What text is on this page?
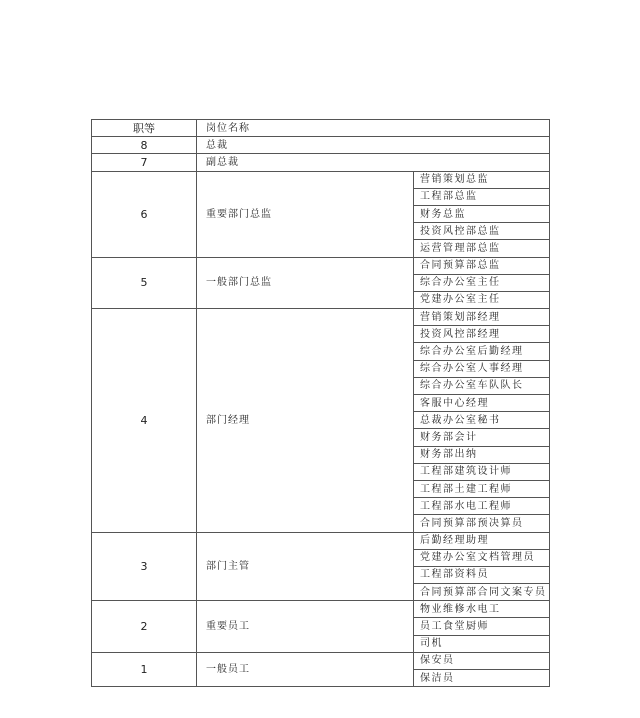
职等	岗位名称	
8	总裁	
7	副总裁	
6	重要部门总监	营销策划总监
		工程部总监
		财务总监
		投资风控部总监
		运营管理部总监
5	一般部门总监	合同预算部总监
		综合办公室主任
		党建办公室主任
4	部门经理	营销策划部经理
		投资风控部经理
		综合办公室后勤经理
		综合办公室人事经理
		综合办公室车队队长
		客服中心经理
		总裁办公室秘书
		财务部会计
		财务部出纳
		工程部建筑设计师
		工程部土建工程师
		工程部水电工程师
		合同预算部预决算员
3	部门主管	后勤经理助理
		党建办公室文档管理员
		工程部资料员
		合同预算部合同文案专员
2	重要员工	物业维修水电工
		员工食堂厨师
		司机
1	一般员工	保安员
		保洁员
